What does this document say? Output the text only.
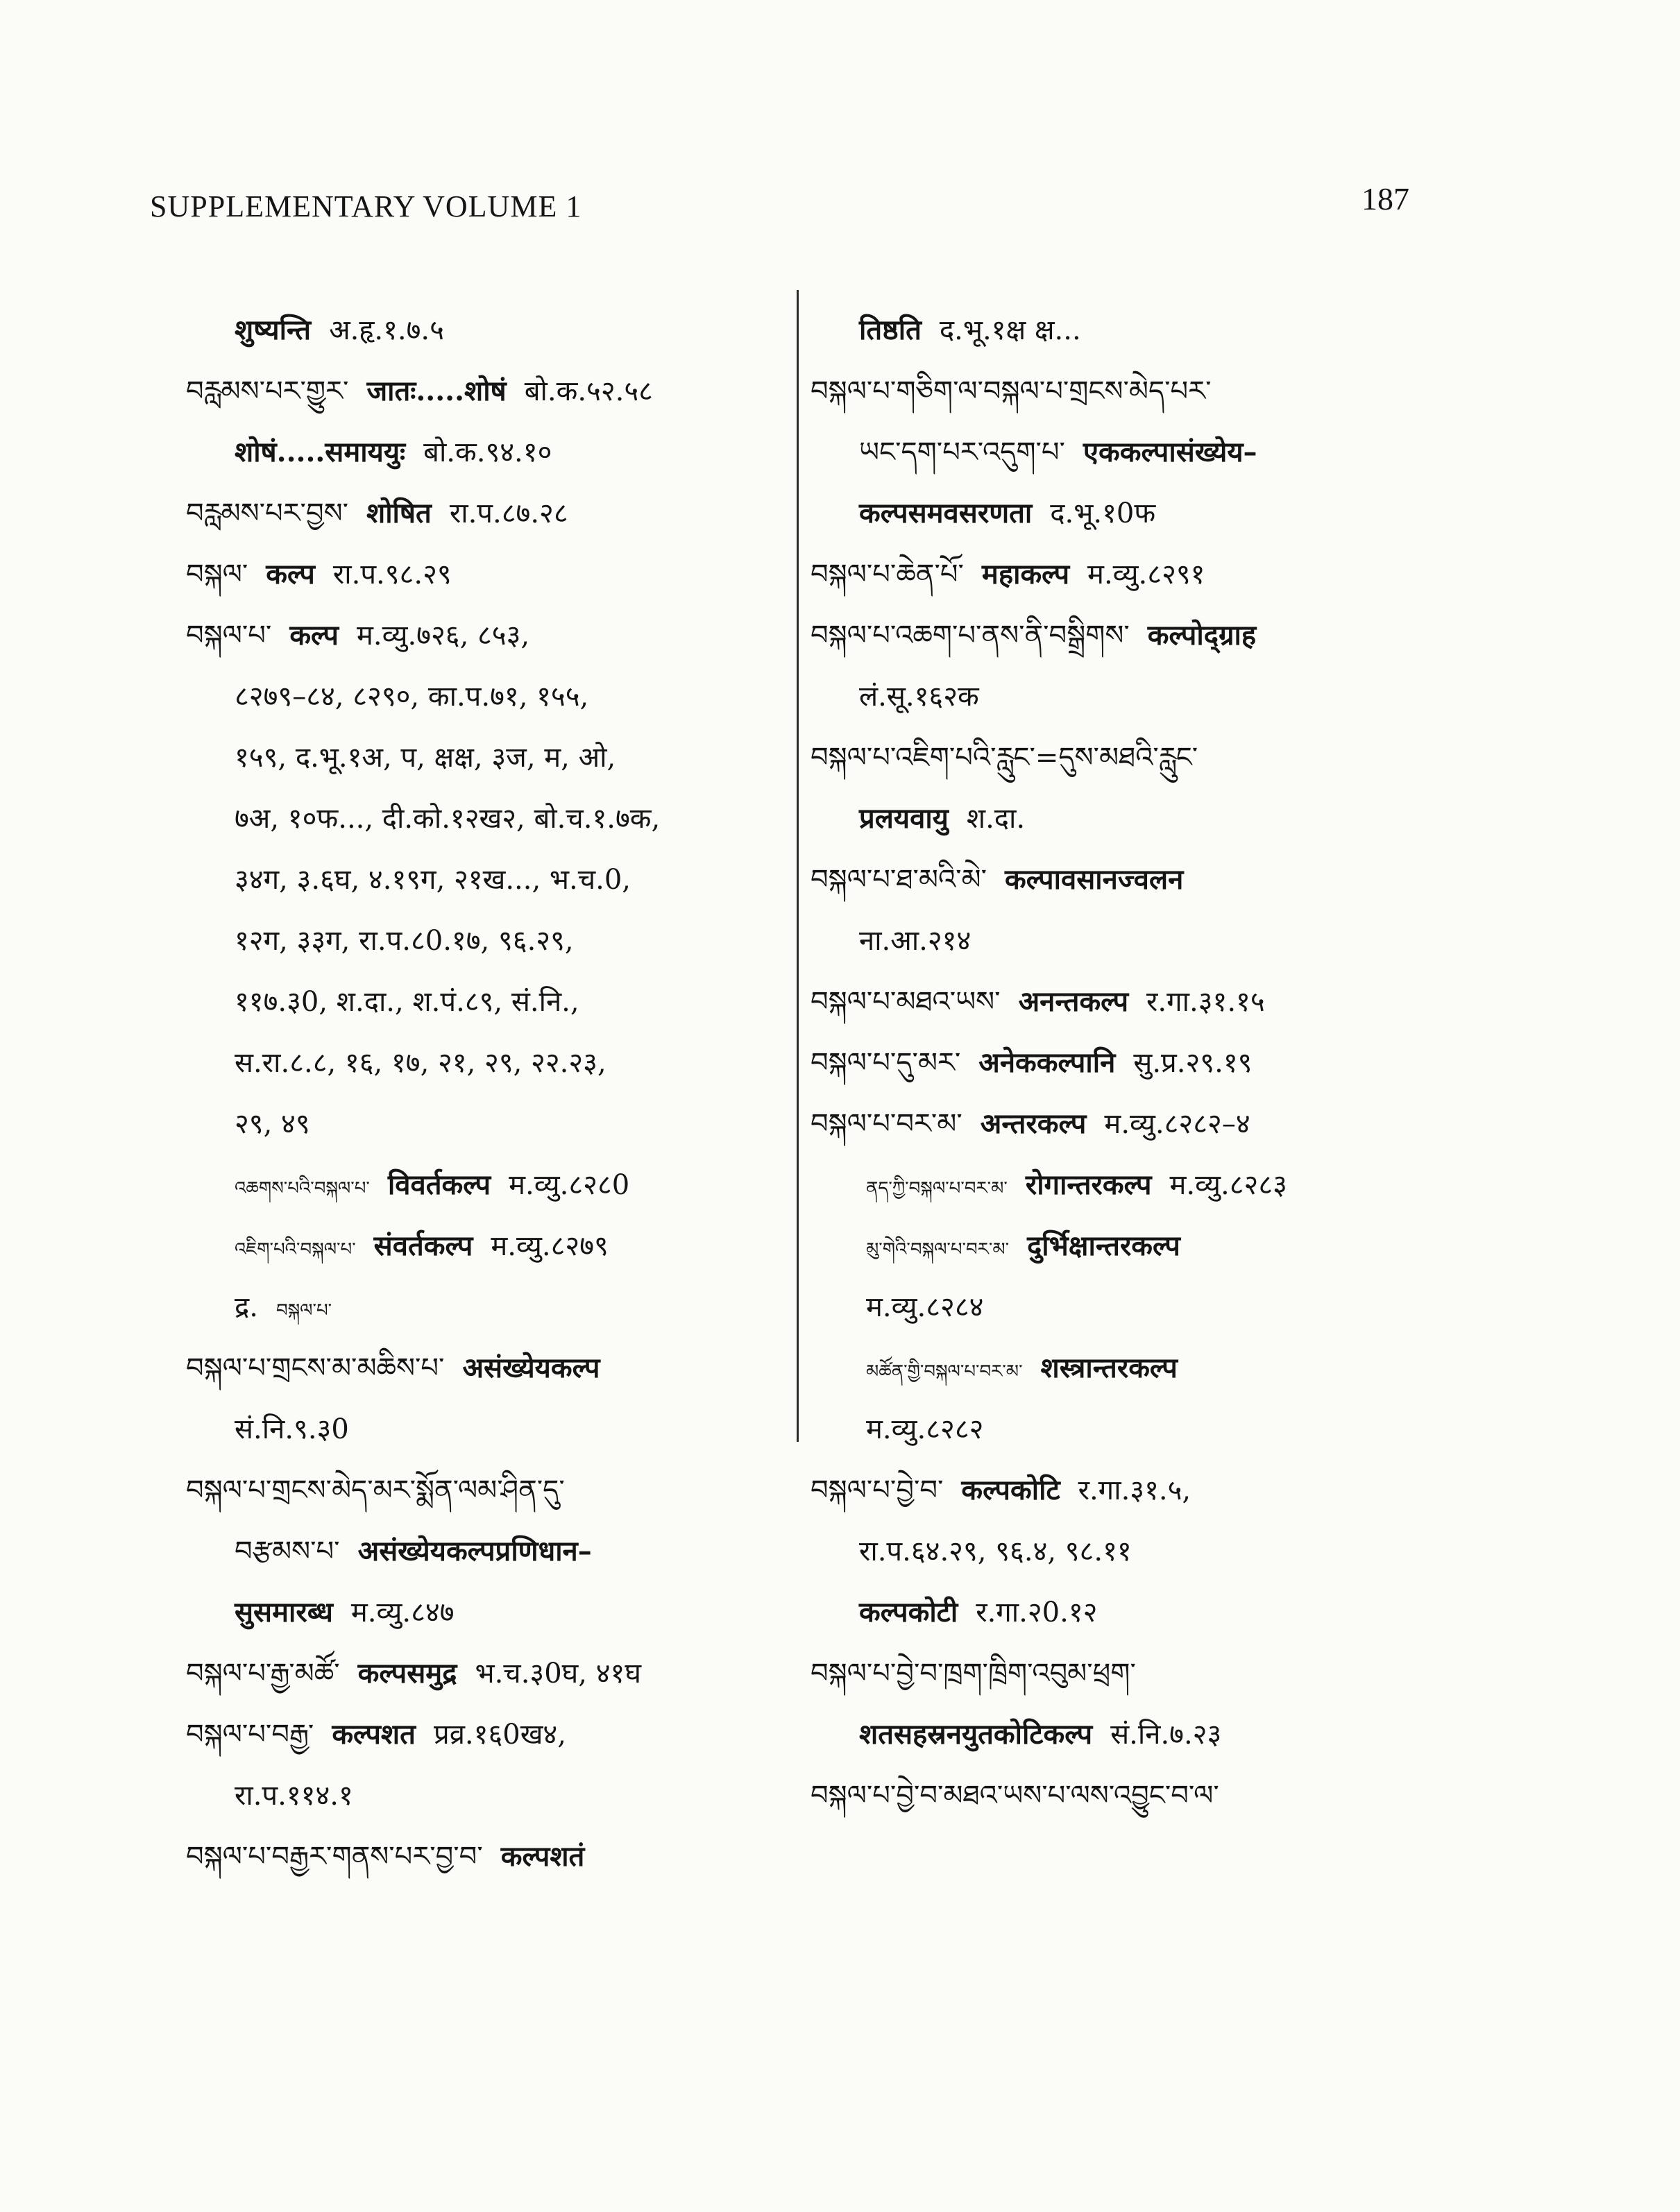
SUPPLEMENTARY VOLUME 1	187
शुष्यन्ति अ.हृ.१.७.५
བརླམས་པར་གྱུར་ जातः.....शोषं बो.क.५२.५८
शोषं.....समाययुः बो.क.९४.१०
བརླམས་པར་བྱས་ शोषित रा.प.८७.२८
བསྐལ་ कल्प रा.प.९८.२९
བསྐལ་པ་ कल्प म.व्यु.७२६, ८५३,
८२७९–८४, ८२९०, का.प.७१, १५५,
१५९, द.भू.१अ, प, क्षक्ष, ३ज, म, ओ,
७अ, १०फ..., दी.को.१२ख२, बो.च.१.७क,
३४ग, ३.६घ, ४.१९ग, २१ख..., भ.च.0,
१२ग, ३३ग, रा.प.८0.१७, ९६.२९,
११७.३0, श.दा., श.पं.८९, सं.नि.,
स.रा.८.८, १६, १७, २१, २९, २२.२३,
२९, ४९
འཆགས་པའི་བསྐལ་པ་ विवर्तकल्प म.व्यु.८२८0
འཇིག་པའི་བསྐལ་པ་ संवर्तकल्प म.व्यु.८२७९
द्र. བསྐལ་པ་
བསྐལ་པ་གྲངས་མ་མཆིས་པ་ असंख्येयकल्प
सं.नि.९.३0
བསྐལ་པ་གྲངས་མེད་མར་སྨོན་ལམ་ཤིན་དུ་
བརྩམས་པ་ असंख्येयकल्पप्रणिधान–
सुसमारब्ध म.व्यु.८४७
བསྐལ་པ་རྒྱ་མཚོ་ कल्पसमुद्र भ.च.३0घ, ४१घ
བསྐལ་པ་བརྒྱ་ कल्पशत प्रव्र.१६0ख४,
रा.प.११४.१
བསྐལ་པ་བརྒྱར་གནས་པར་བྱ་བ་ कल्पशतं
तिष्ठति द.भू.१क्ष क्ष...
བསྐལ་པ་གཅིག་ལ་བསྐལ་པ་གྲངས་མེད་པར་
ཡང་དག་པར་འདུག་པ་ एककल्पासंख्येय–
कल्पसमवसरणता द.भू.१0फ
བསྐལ་པ་ཆེན་པོ་ महाकल्प म.व्यु.८२९१
བསྐལ་པ་འཆག་པ་ནས་ནི་བསྒྲིགས་ कल्पोद्ग्राह
लं.सू.१६२क
བསྐལ་པ་འཇིག་པའི་རླུང་=དུས་མཐའི་རླུང་
प्रलयवायु श.दा.
བསྐལ་པ་ཐ་མའི་མེ་ कल्पावसानज्वलन
ना.आ.२१४
བསྐལ་པ་མཐའ་ཡས་ अनन्तकल्प र.गा.३१.१५
བསྐལ་པ་དུ་མར་ अनेककल्पानि सु.प्र.२९.१९
བསྐལ་པ་བར་མ་ अन्तरकल्प म.व्यु.८२८२–४
ནད་ཀྱི་བསྐལ་པ་བར་མ་ रोगान्तरकल्प म.व्यु.८२८३
མུ་གེའི་བསྐལ་པ་བར་མ་ दुर्भिक्षान्तरकल्प
म.व्यु.८२८४
མཚོན་གྱི་བསྐལ་པ་བར་མ་ शस्त्रान्तरकल्प
म.व्यु.८२८२
བསྐལ་པ་བྱེ་བ་ कल्पकोटि र.गा.३१.५,
रा.प.६४.२९, ९६.४, ९८.११
कल्पकोटी र.गा.२0.१२
བསྐལ་པ་བྱེ་བ་ཁྲག་ཁྲིག་འབུམ་ཕྲག་
शतसहस्रनयुतकोटिकल्प सं.नि.७.२३
བསྐལ་པ་བྱེ་བ་མཐའ་ཡས་པ་ལས་འབྱུང་བ་ལ་
